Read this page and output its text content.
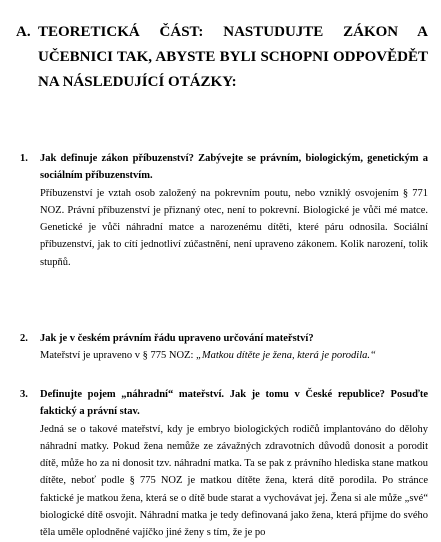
A. TEORETICKÁ ČÁST: NASTUDUJTE ZÁKON A UČEBNICI TAK, ABYSTE BYLI SCHOPNI ODPOVĚDĚT NA NÁSLEDUJÍCÍ OTÁZKY:
1.	Jak definuje zákon příbuzenství? Zabývejte se právním, biologickým, genetickým a sociálním příbuzenstvím.
Příbuzenství je vztah osob založený na pokrevním poutu, nebo vzniklý osvojením § 771 NOZ. Právní příbuzenství je přiznaný otec, není to pokrevní. Biologické je vůči mé matce. Genetické je vůči náhradní matce a narozenému dítěti, které páru odnosila. Sociální příbuzenství, jak to cítí jednotliví zúčastnění, není upraveno zákonem. Kolik narození, tolik stupňů.
2.	Jak je v českém právním řádu upraveno určování mateřství?
Mateřství je upraveno v § 775 NOZ: „Matkou dítěte je žena, která je porodila.“
3.	Definujte pojem „náhradní“ mateřství. Jak je tomu v České republice? Posuďte faktický a právní stav.
Jedná se o takové mateřství, kdy je embryo biologických rodičů implantováno do dělohy náhradní matky. Pokud žena nemůže ze závažných zdravotních důvodů donosit a porodit dítě, může ho za ni donosit tzv. náhradní matka. Ta se pak z právního hlediska stane matkou dítěte, neboť podle § 775 NOZ je matkou dítěte žena, která dítě porodila. Po stránce faktické je matkou žena, která se o dítě bude starat a vychovávat jej. Žena si ale může „své“ biologické dítě osvojit. Náhradní matka je tedy definovaná jako žena, která přijme do svého těla uměle oplodněné vajíčko jiné ženy s tím, že je po
